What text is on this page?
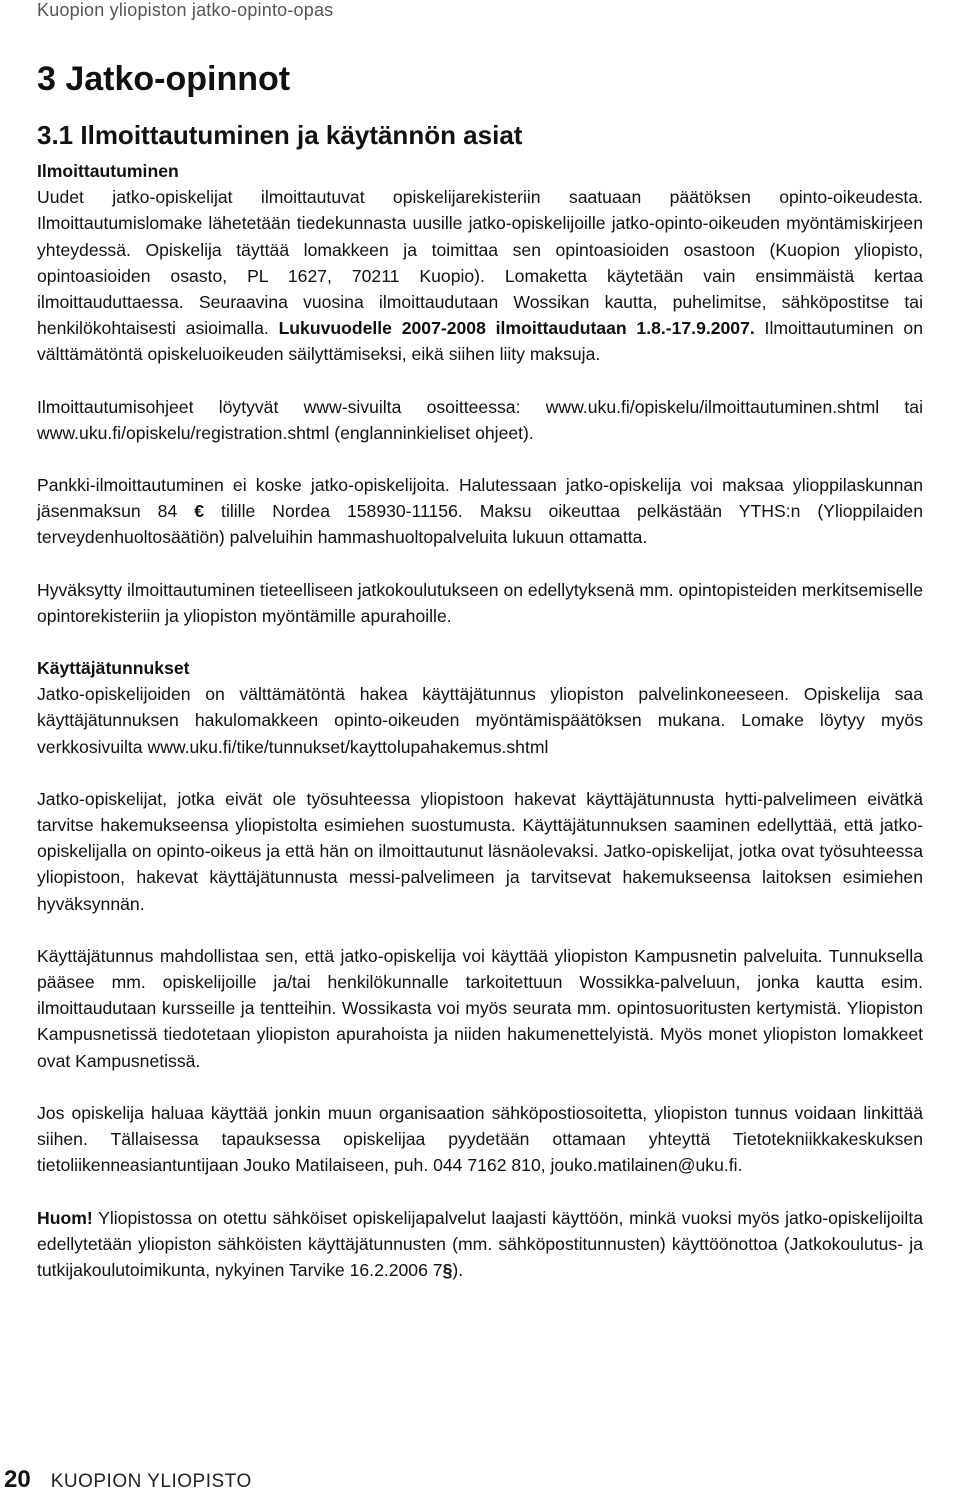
Kuopion yliopiston jatko-opinto-opas
3 Jatko-opinnot
3.1 Ilmoittautuminen ja käytännön asiat

Ilmoittautuminen
Uudet jatko-opiskelijat ilmoittautuvat opiskelijarekisteriin saatuaan päätöksen opinto-oikeudesta. Ilmoittautumislomake lähetetään tiedekunnasta uusille jatko-opiskelijoille jatko-opinto-oikeuden myöntämiskirjeen yhteydessä. Opiskelija täyttää lomakkeen ja toimittaa sen opintoasioiden osastoon (Kuopion yliopisto, opintoasioiden osasto, PL 1627, 70211 Kuopio). Lomaketta käytetään vain ensimmäistä kertaa ilmoittauduttaessa. Seuraavina vuosina ilmoittaudutaan Wossikan kautta, puhelimitse, sähköpostitse tai henkilökohtaisesti asioimalla. Lukuvuodelle 2007-2008 ilmoittaudutaan 1.8.-17.9.2007. Ilmoittautuminen on välttämätöntä opiskeluoikeuden säilyttämiseksi, eikä siihen liity maksuja.

Ilmoittautumisohjeet löytyvät www-sivuilta osoitteessa: www.uku.fi/opiskelu/ilmoittautuminen.shtml tai www.uku.fi/opiskelu/registration.shtml (englanninkieliset ohjeet).

Pankki-ilmoittautuminen ei koske jatko-opiskelijoita. Halutessaan jatko-opiskelija voi maksaa ylioppilaskunnan jäsenmaksun 84 € tilille Nordea 158930-11156. Maksu oikeuttaa pelkästään YTHS:n (Ylioppilaiden terveydenhuoltosäätiön) palveluihin hammashuoltopalveluita lukuun ottamatta.

Hyväksytty ilmoittautuminen tieteelliseen jatkokoulutukseen on edellytyksenä mm. opintopisteiden merkitsemiselle opintorekisteriin ja yliopiston myöntämille apurahoille.

Käyttäjätunnukset
Jatko-opiskelijoiden on välttämätöntä hakea käyttäjätunnus yliopiston palvelinkoneeseen. Opiskelija saa käyttäjätunnuksen hakulomakkeen opinto-oikeuden myöntämispäätöksen mukana. Lomake löytyy myös verkkosivuilta www.uku.fi/tike/tunnukset/kayttolupahakemus.shtml

Jatko-opiskelijat, jotka eivät ole työsuhteessa yliopistoon hakevat käyttäjätunnusta hytti-palvelimeen eivätkä tarvitse hakemukseensa yliopistolta esimiehen suostumusta. Käyttäjätunnuksen saaminen edellyttää, että jatko-opiskelijalla on opinto-oikeus ja että hän on ilmoittautunut läsnäolevaksi. Jatko-opiskelijat, jotka ovat työsuhteessa yliopistoon, hakevat käyttäjätunnusta messi-palvelimeen ja tarvitsevat hakemukseensa laitoksen esimiehen hyväksynnän.

Käyttäjätunnus mahdollistaa sen, että jatko-opiskelija voi käyttää yliopiston Kampusnetin palveluita. Tunnuksella pääsee mm. opiskelijoille ja/tai henkilökunnalle tarkoitettuun Wossikka-palveluun, jonka kautta esim. ilmoittaudutaan kursseille ja tentteihin. Wossikasta voi myös seurata mm. opintosuoritusten kertymistä. Yliopiston Kampusnetissä tiedotetaan yliopiston apurahoista ja niiden hakumenettelyistä. Myös monet yliopiston lomakkeet ovat Kampusnetissä.

Jos opiskelija haluaa käyttää jonkin muun organisaation sähköpostiosoitetta, yliopiston tunnus voidaan linkittää siihen. Tällaisessa tapauksessa opiskelijaa pyydetään ottamaan yhteyttä Tietotekniikkakeskuksen tietoliikenneasiantuntijaan Jouko Matilaiseen, puh. 044 7162 810, jouko.matilainen@uku.fi.

Huom! Yliopistossa on otettu sähköiset opiskelijapalvelut laajasti käyttöön, minkä vuoksi myös jatko-opiskelijoilta edellytetään yliopiston sähköisten käyttäjätunnusten (mm. sähköpostitunnusten) käyttöönottoa (Jatkokoulutus- ja tutkijakoulutoimikunta, nykyinen Tarvike 16.2.2006 7§).

20 KUOPION YLIOPISTO
